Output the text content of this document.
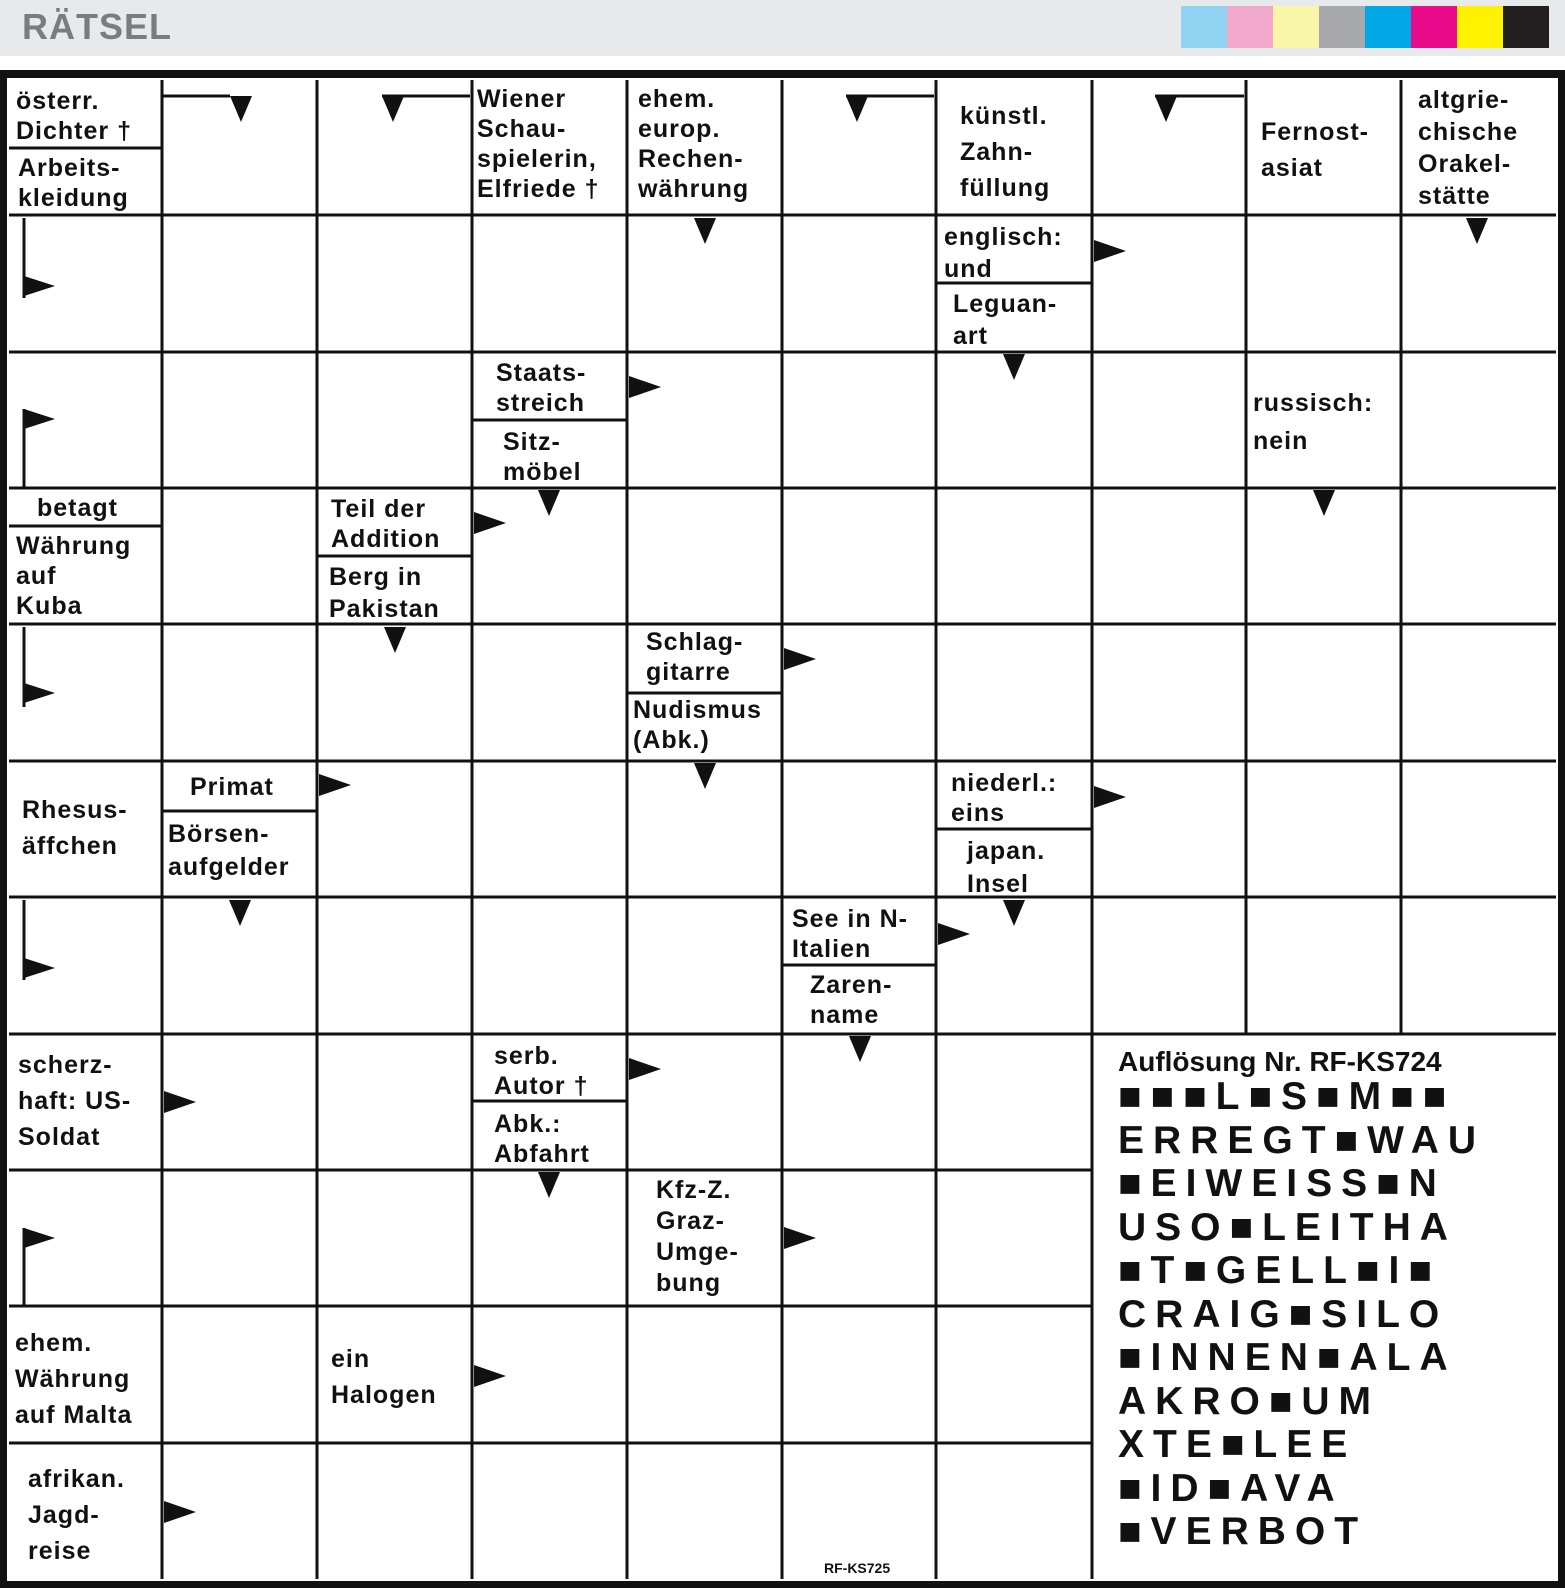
RÄTSEL
österr.
Dichter †
Arbeits-
kleidung
Wiener
Schau-
spielerin,
Elfriede †
ehem.
europ.
Rechen-
währung
künstl.
Zahn-
füllung
Fernost-
asiat
altgrie-
chische
Orakel-
stätte
englisch:
und
Leguan-
art
Staats-
streich
Sitz-
möbel
russisch:
nein
betagt
Währung
auf
Kuba
Teil der
Addition
Berg in
Pakistan
Schlag-
gitarre
Nudismus
(Abk.)
Rhesus-
äffchen
Primat
Börsen-
aufgelder
niederl.:
eins
japan.
Insel
See in N-
Italien
Zaren-
name
scherz-
haft: US-
Soldat
serb.
Autor †
Abk.:
Abfahrt
Kfz-Z.
Graz-
Umge-
bung
ehem.
Währung
auf Malta
ein
Halogen
afrikan.
Jagd-
reise
Auflösung Nr. RF-KS724
■■■L■S■M■■
ERREGT■WAU
■EIWEISS■N
USO■LEITHA
■T■GELL■I■
CRAIG■SILO
■INNEN■ALA
AKRO■UM
XTE■LEE
■ID■AVA
■VERBOT
RF-KS725
